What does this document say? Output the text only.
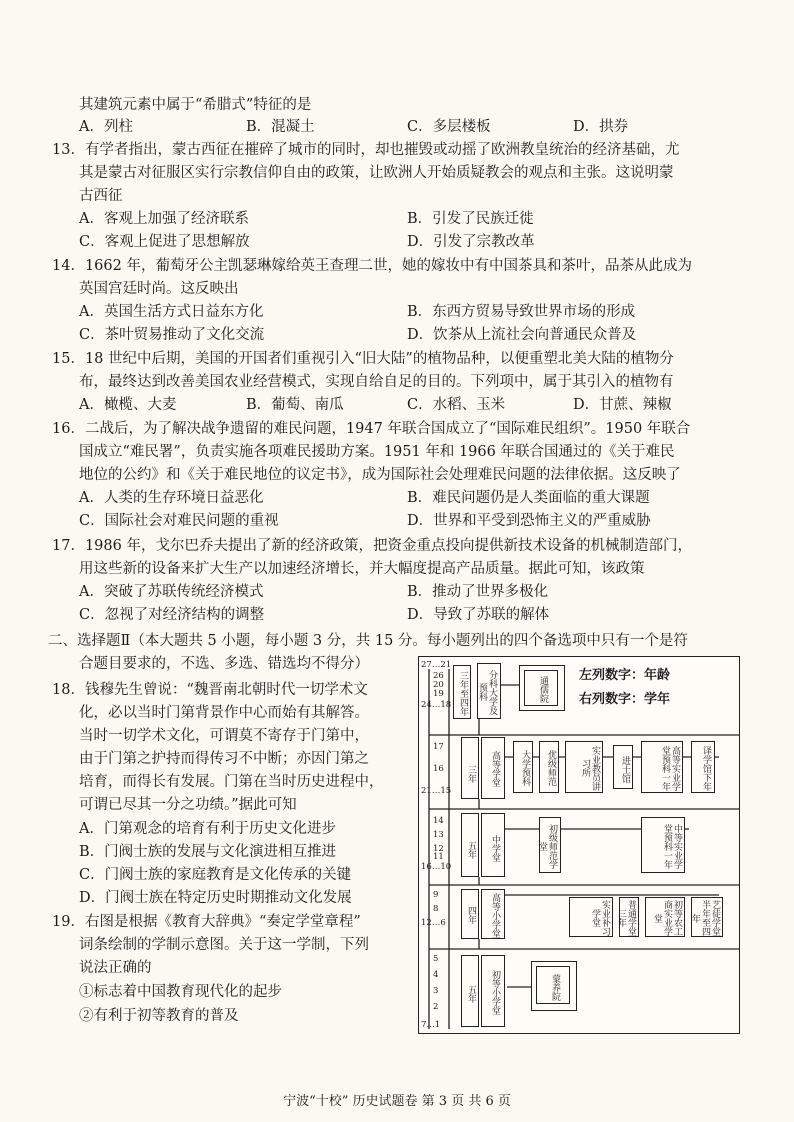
其建筑元素中属于“希腊式”特征的是
A．列柱	B．混凝土	C．多层楼板	D．拱券
13．有学者指出，蒙古西征在摧碎了城市的同时，却也摧毁或动摇了欧洲教皇统治的经济基础，尤
其是蒙古对征服区实行宗教信仰自由的政策，让欧洲人开始质疑教会的观点和主张。这说明蒙
古西征
A．客观上加强了经济联系	B．引发了民族迁徙
C．客观上促进了思想解放	D．引发了宗教改革
14．1662 年，葡萄牙公主凯瑟琳嫁给英王查理二世，她的嫁妆中有中国茶具和茶叶，品茶从此成为
英国宫廷时尚。这反映出
A．英国生活方式日益东方化	B．东西方贸易导致世界市场的形成
C．茶叶贸易推动了文化交流	D．饮茶从上流社会向普通民众普及
15．18 世纪中后期，美国的开国者们重视引入“旧大陆”的植物品种，以便重塑北美大陆的植物分
布，最终达到改善美国农业经营模式，实现自给自足的目的。下列项中，属于其引入的植物有
A．橄榄、大麦	B．葡萄、南瓜	C．水稻、玉米	D．甘蔗、辣椒
16．二战后，为了解决战争遗留的难民问题，1947 年联合国成立了“国际难民组织”。1950 年联合
国成立“难民署”，负责实施各项难民援助方案。1951 年和 1966 年联合国通过的《关于难民
地位的公约》和《关于难民地位的议定书》，成为国际社会处理难民问题的法律依据。这反映了
A．人类的生存环境日益恶化	B．难民问题仍是人类面临的重大课题
C．国际社会对难民问题的重视	D．世界和平受到恐怖主义的严重威胁
17．1986 年，戈尔巴乔夫提出了新的经济政策，把资金重点投向提供新技术设备的机械制造部门，
用这些新的设备来扩大生产以加速经济增长，并大幅度提高产品质量。据此可知，该政策
A．突破了苏联传统经济模式	B．推动了世界多极化
C．忽视了对经济结构的调整	D．导致了苏联的解体
二、选择题Ⅱ（本大题共 5 小题，每小题 3 分，共 15 分。每小题列出的四个备选项中只有一个是符
合题目要求的，不选、多选、错选均不得分）
18．钱穆先生曾说：“魏晋南北朝时代一切学术文
化，必以当时门第背景作中心而始有其解答。
当时一切学术文化，可谓莫不寄存于门第中，
由于门第之护持而得传习不中断；亦因门第之
培育，而得长有发展。门第在当时历史进程中，
可谓已尽其一分之功绩。”据此可知
A．门第观念的培育有利于历史文化进步
B．门阀士族的发展与文化演进相互推进
C．门阀士族的家庭教育是文化传承的关键
D．门阀士族在特定历史时期推动文化发展
19．右图是根据《教育大辞典》“奏定学堂章程”
词条绘制的学制示意图。关于这一学制，下列
说法正确的
①标志着中国教育现代化的起步
②有利于初等教育的普及
27…21
26
20
19
24…18
17
16
21…15
14
13
12
11
16…10
9
8
12…6
5
4
3
2
7…1
三年至四年
三年
五年
四年
五年
分科大学及预科
高等学堂
中学堂
高等小学堂
初等小学堂
通儒院 左列数字：年龄
右列数字：学年
大学预科	优级师范	实业教员讲习所	进士馆	高等实业学堂预科一年	译学馆下年
初级师范学堂	中等实业学堂预科一年
实业补习学堂	普通学堂三年	初等农工商实业学堂	艺徒学堂半年至四年
蒙养院
宁波“十校” 历史试题卷 第 3 页 共 6 页
